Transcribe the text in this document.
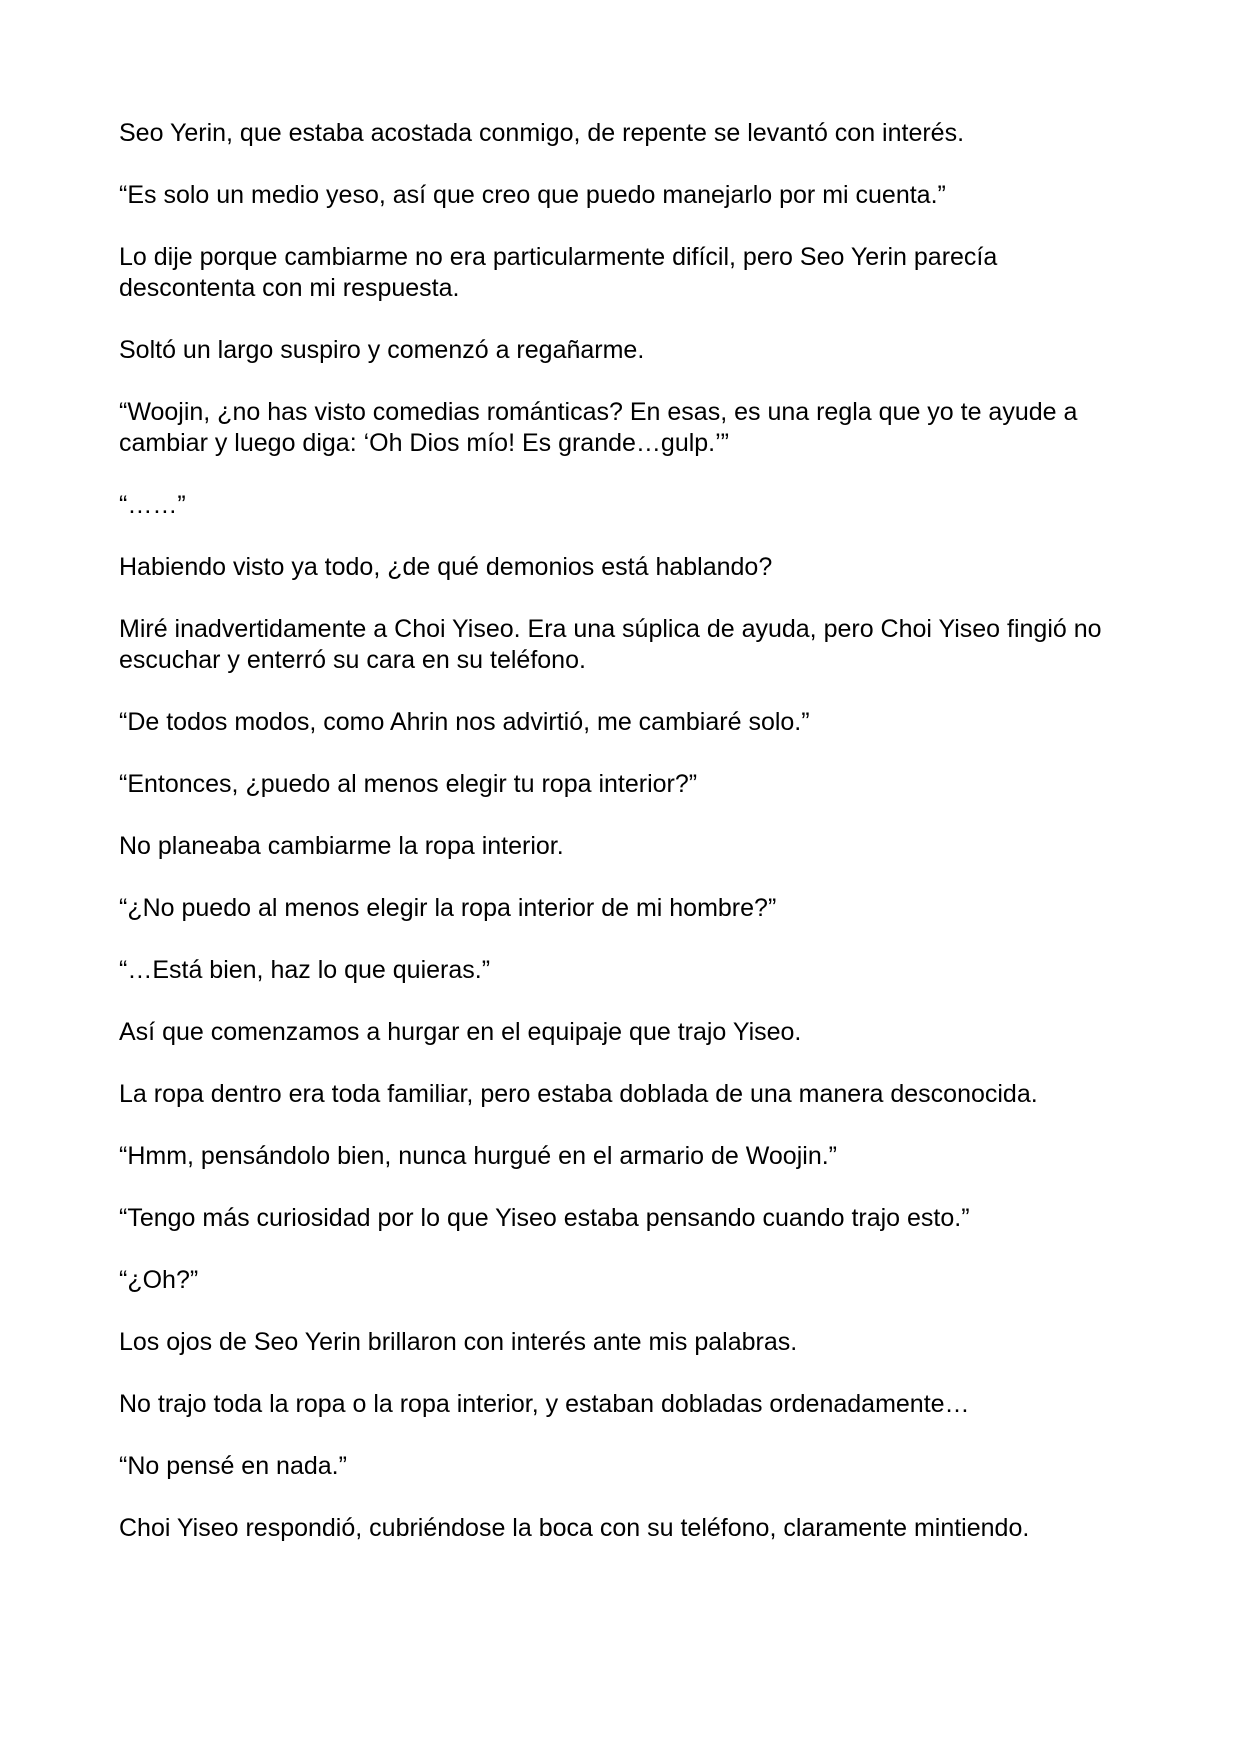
Seo Yerin, que estaba acostada conmigo, de repente se levantó con interés.

“Es solo un medio yeso, así que creo que puedo manejarlo por mi cuenta.”

Lo dije porque cambiarme no era particularmente difícil, pero Seo Yerin parecía descontenta con mi respuesta.

Soltó un largo suspiro y comenzó a regañarme.

“Woojin, ¿no has visto comedias románticas? En esas, es una regla que yo te ayude a cambiar y luego diga: ‘Oh Dios mío! Es grande…gulp.’”

“……”

Habiendo visto ya todo, ¿de qué demonios está hablando?

Miré inadvertidamente a Choi Yiseo. Era una súplica de ayuda, pero Choi Yiseo fingió no escuchar y enterró su cara en su teléfono.

“De todos modos, como Ahrin nos advirtió, me cambiaré solo.”

“Entonces, ¿puedo al menos elegir tu ropa interior?”

No planeaba cambiarme la ropa interior.

“¿No puedo al menos elegir la ropa interior de mi hombre?”

“…Está bien, haz lo que quieras.”

Así que comenzamos a hurgar en el equipaje que trajo Yiseo.

La ropa dentro era toda familiar, pero estaba doblada de una manera desconocida.

“Hmm, pensándolo bien, nunca hurgué en el armario de Woojin.”

“Tengo más curiosidad por lo que Yiseo estaba pensando cuando trajo esto.”

“¿Oh?”

Los ojos de Seo Yerin brillaron con interés ante mis palabras.

No trajo toda la ropa o la ropa interior, y estaban dobladas ordenadamente…

“No pensé en nada.”

Choi Yiseo respondió, cubriéndose la boca con su teléfono, claramente mintiendo.
